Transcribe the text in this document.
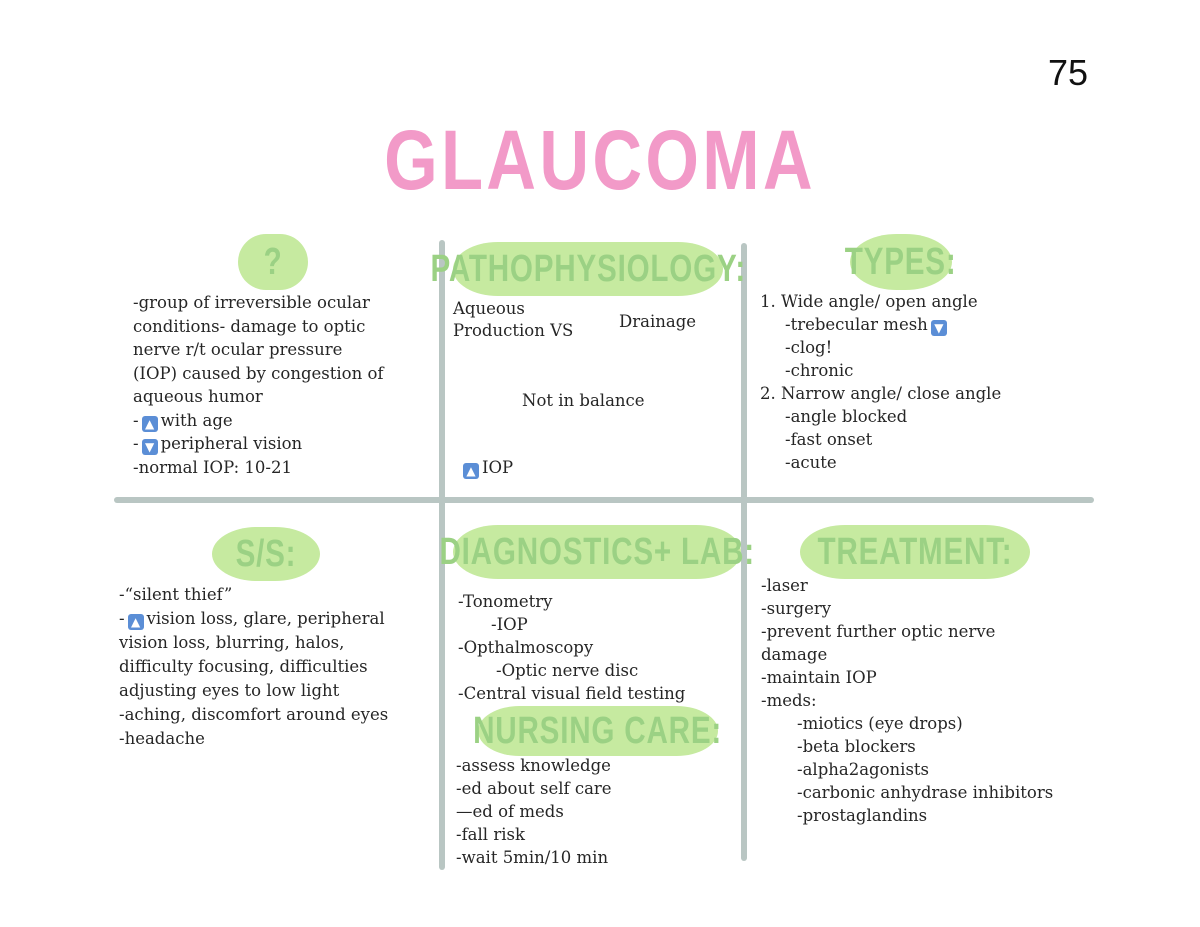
75
GLAUCOMA
?	PATHOPHYSIOLOGY:	TYPES:
S/S:	DIAGNOSTICS+ LAB: TREATMENT:
NURSING CARE:
-group of irreversible ocular
conditions- damage to optic
nerve r/t ocular pressure
(IOP) caused by congestion of
aqueous humor
- ▲ with age
- ▼ peripheral vision
-normal IOP: 10-21
Aqueous
Production VS	Drainage
Not in balance
▲ IOP
1. Wide angle/ open angle
-trebecular mesh ▼
-clog!
-chronic
2. Narrow angle/ close angle
-angle blocked
-fast onset
-acute
-“silent thief”
- ▲ vision loss, glare, peripheral
vision loss, blurring, halos,
difficulty focusing, difficulties
adjusting eyes to low light
-aching, discomfort around eyes
-headache
-Tonometry
-IOP
-Opthalmoscopy
-Optic nerve disc
-Central visual field testing
-assess knowledge
-ed about self care
—ed of meds
-fall risk
-wait 5min/10 min
-laser
-surgery
-prevent further optic nerve
damage
-maintain IOP
-meds:
-miotics (eye drops)
-beta blockers
-alpha2agonists
-carbonic anhydrase inhibitors
-prostaglandins
